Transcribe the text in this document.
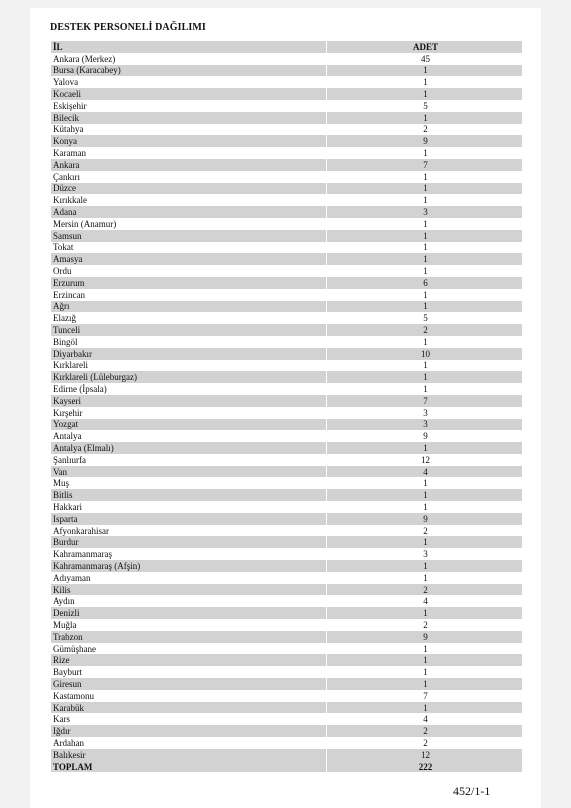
DESTEK PERSONELİ DAĞILIMI
İL	ADET
Ankara (Merkez)	45
Bursa (Karacabey)	1
Yalova	1
Kocaeli	1
Eskişehir	5
Bilecik	1
Kütahya	2
Konya	9
Karaman	1
Ankara	7
Çankırı	1
Düzce	1
Kırıkkale	1
Adana	3
Mersin (Anamur)	1
Samsun	1
Tokat	1
Amasya	1
Ordu	1
Erzurum	6
Erzincan	1
Ağrı	1
Elazığ	5
Tunceli	2
Bingöl	1
Diyarbakır	10
Kırklareli	1
Kırklareli (Lüleburgaz)	1
Edirne (İpsala)	1
Kayseri	7
Kırşehir	3
Yozgat	3
Antalya	9
Antalya (Elmalı)	1
Şanlıurfa	12
Van	4
Muş	1
Bitlis	1
Hakkari	1
Isparta	9
Afyonkarahisar	2
Burdur	1
Kahramanmaraş	3
Kahramanmaraş (Afşin)	1
Adıyaman	1
Kilis	2
Aydın	4
Denizli	1
Muğla	2
Trabzon	9
Gümüşhane	1
Rize	1
Bayburt	1
Giresun	1
Kastamonu	7
Karabük	1
Kars	4
Iğdır	2
Ardahan	2
Balıkesir	12
TOPLAM	222
452/1-1
